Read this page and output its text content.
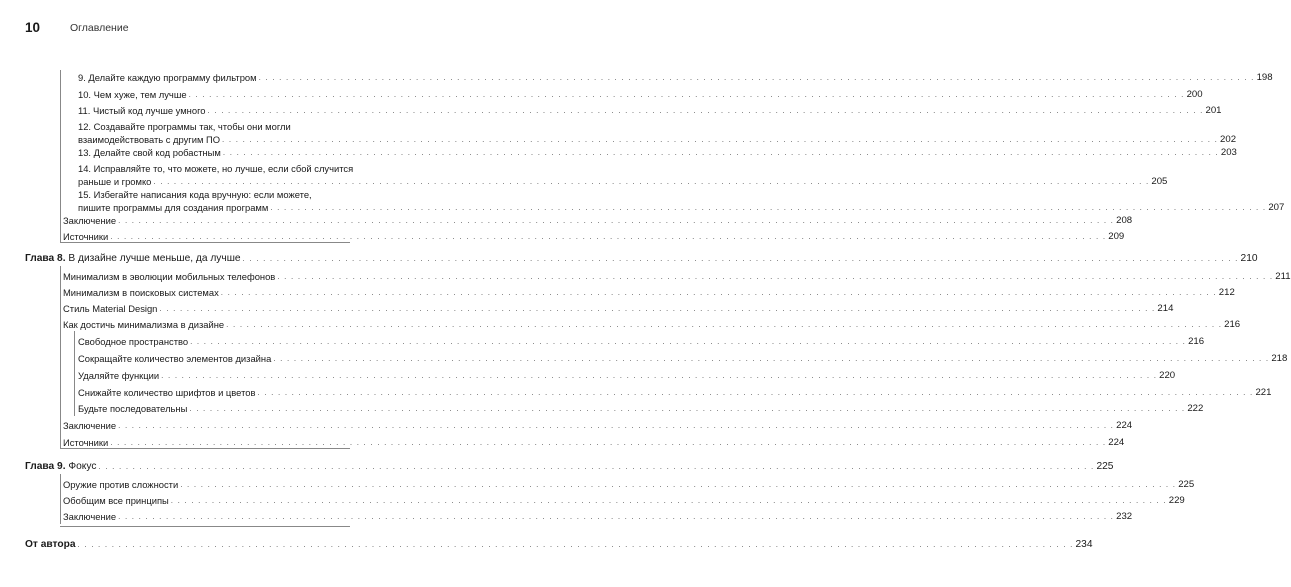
10	Оглавление
9. Делайте каждую программу фильтром . . .	198
10. Чем хуже, тем лучше . . .	200
11. Чистый код лучше умного . . .	201
12. Создавайте программы так, чтобы они могли
взаимодействовать с другим ПО . . .	202
13. Делайте свой код робастным . . .	203
14. Исправляйте то, что можете, но лучше, если сбой случится
раньше и громко . . .	205
15. Избегайте написания кода вручную: если можете,
пишите программы для создания программ . . .	207
Заключение . . .	208
Источники . . .	209
Глава 8. В дизайне лучше меньше, да лучше . . .	210
Минимализм в эволюции мобильных телефонов . . .	211
Минимализм в поисковых системах . . .	212
Стиль Material Design . . .	214
Как достичь минимализма в дизайне . . .	216
Свободное пространство . . .	216
Сокращайте количество элементов дизайна . . .	218
Удаляйте функции . . .	220
Снижайте количество шрифтов и цветов . . .	221
Будьте последовательны . . .	222
Заключение . . .	224
Источники . . .	224
Глава 9. Фокус . . .	225
Оружие против сложности . . .	225
Обобщим все принципы . . .	229
Заключение . . .	232
От автора . . .	234
